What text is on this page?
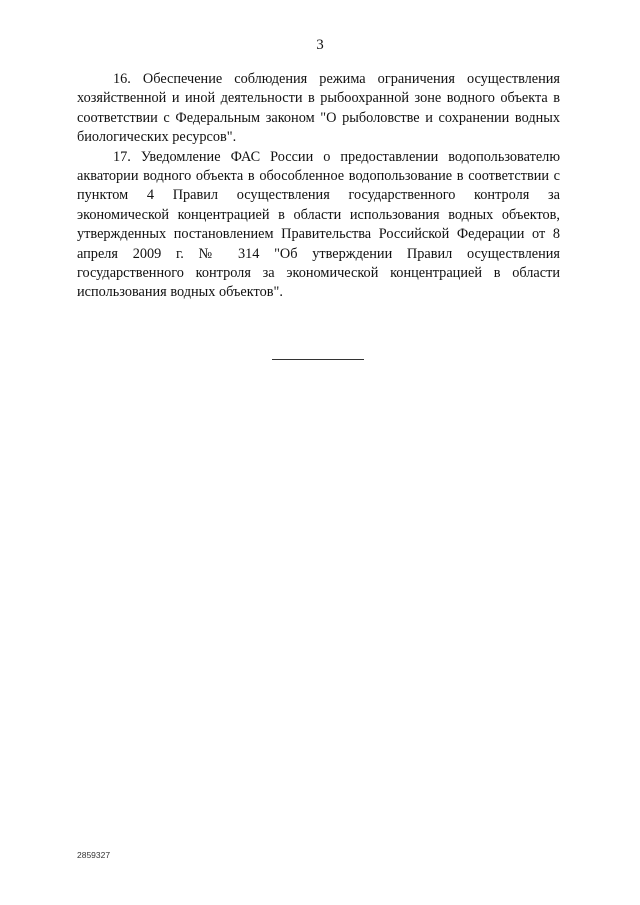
3

16. Обеспечение соблюдения режима ограничения осуществления хозяйственной и иной деятельности в рыбоохранной зоне водного объекта в соответствии с Федеральным законом "О рыболовстве и сохранении водных биологических ресурсов".

17. Уведомление ФАС России о предоставлении водопользователю акватории водного объекта в обособленное водопользование в соответствии с пунктом 4 Правил осуществления государственного контроля за экономической концентрацией в области использования водных объектов, утвержденных постановлением Правительства Российской Федерации от 8 апреля 2009 г. № 314 "Об утверждении Правил осуществления государственного контроля за экономической концентрацией в области использования водных объектов".

2859327
